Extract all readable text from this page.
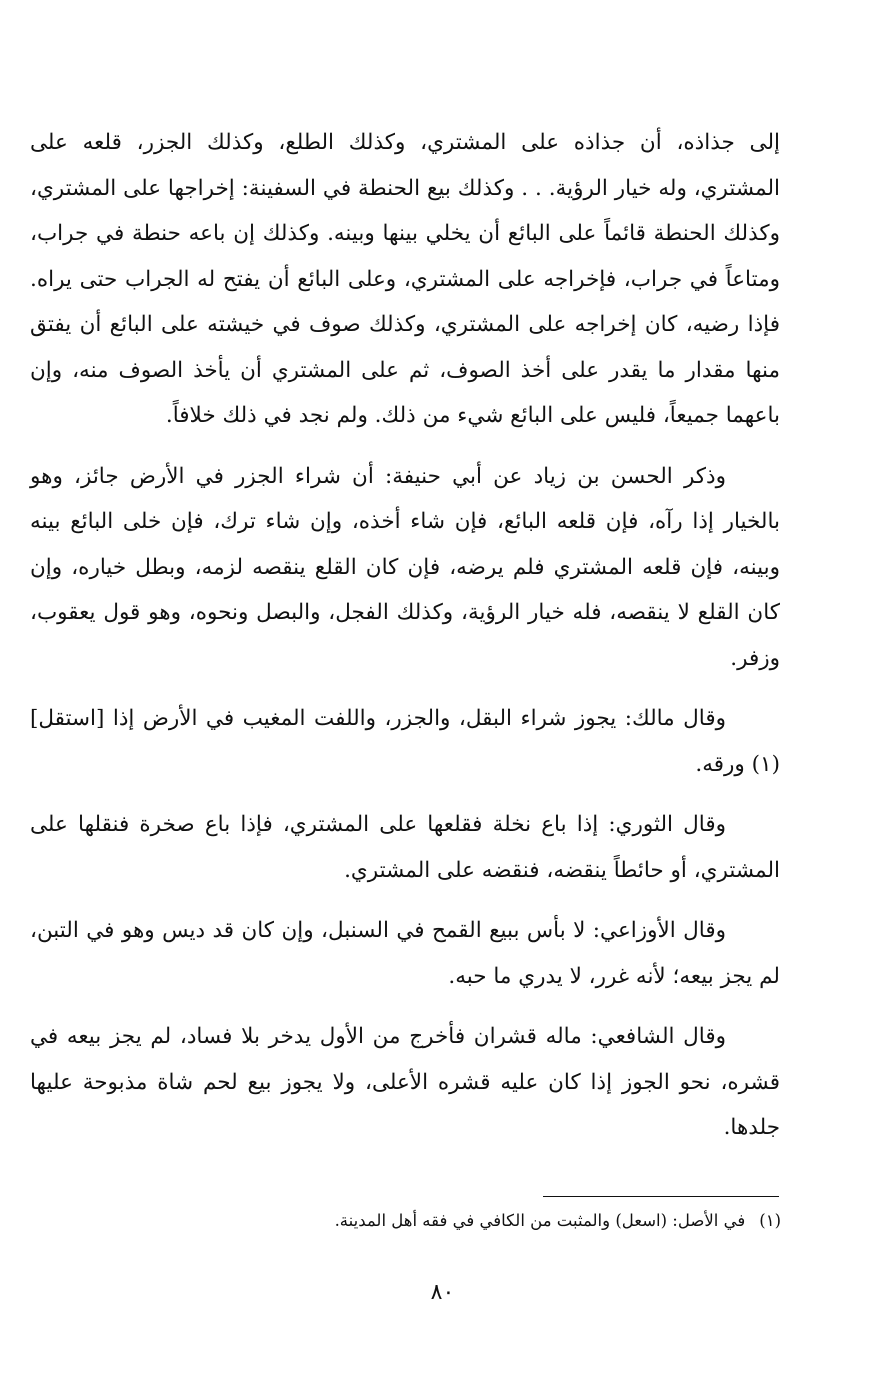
إلى جذاذه، أن جذاذه على المشتري، وكذلك الطلع، وكذلك الجزر، قلعه على المشتري، وله خيار الرؤية. . . وكذلك بيع الحنطة في السفينة: إخراجها على المشتري، وكذلك الحنطة قائماً على البائع أن يخلي بينها وبينه. وكذلك إن باعه حنطة في جراب، ومتاعاً في جراب، فإخراجه على المشتري، وعلى البائع أن يفتح له الجراب حتى يراه. فإذا رضيه، كان إخراجه على المشتري، وكذلك صوف في خيشته على البائع أن يفتق منها مقدار ما يقدر على أخذ الصوف، ثم على المشتري أن يأخذ الصوف منه، وإن باعهما جميعاً، فليس على البائع شيء من ذلك. ولم نجد في ذلك خلافاً.

وذكر الحسن بن زياد عن أبي حنيفة: أن شراء الجزر في الأرض جائز، وهو بالخيار إذا رآه، فإن قلعه البائع، فإن شاء أخذه، وإن شاء ترك، فإن خلى البائع بينه وبينه، فإن قلعه المشتري فلم يرضه، فإن كان القلع ينقصه لزمه، وبطل خياره، وإن كان القلع لا ينقصه، فله خيار الرؤية، وكذلك الفجل، والبصل ونحوه، وهو قول يعقوب، وزفر.

وقال مالك: يجوز شراء البقل، والجزر، واللفت المغيب في الأرض إذا [استقل](١) ورقه.

وقال الثوري: إذا باع نخلة فقلعها على المشتري، فإذا باع صخرة فنقلها على المشتري، أو حائطاً ينقضه، فنقضه على المشتري.

وقال الأوزاعي: لا بأس ببيع القمح في السنبل، وإن كان قد ديس وهو في التبن، لم يجز بيعه؛ لأنه غرر، لا يدري ما حبه.

وقال الشافعي: ماله قشران فأخرج من الأول يدخر بلا فساد، لم يجز بيعه في قشره، نحو الجوز إذا كان عليه قشره الأعلى، ولا يجوز بيع لحم شاة مذبوحة عليها جلدها.

(١)في الأصل: (اسعل) والمثبت من الكافي في فقه أهل المدينة.
٨٠
